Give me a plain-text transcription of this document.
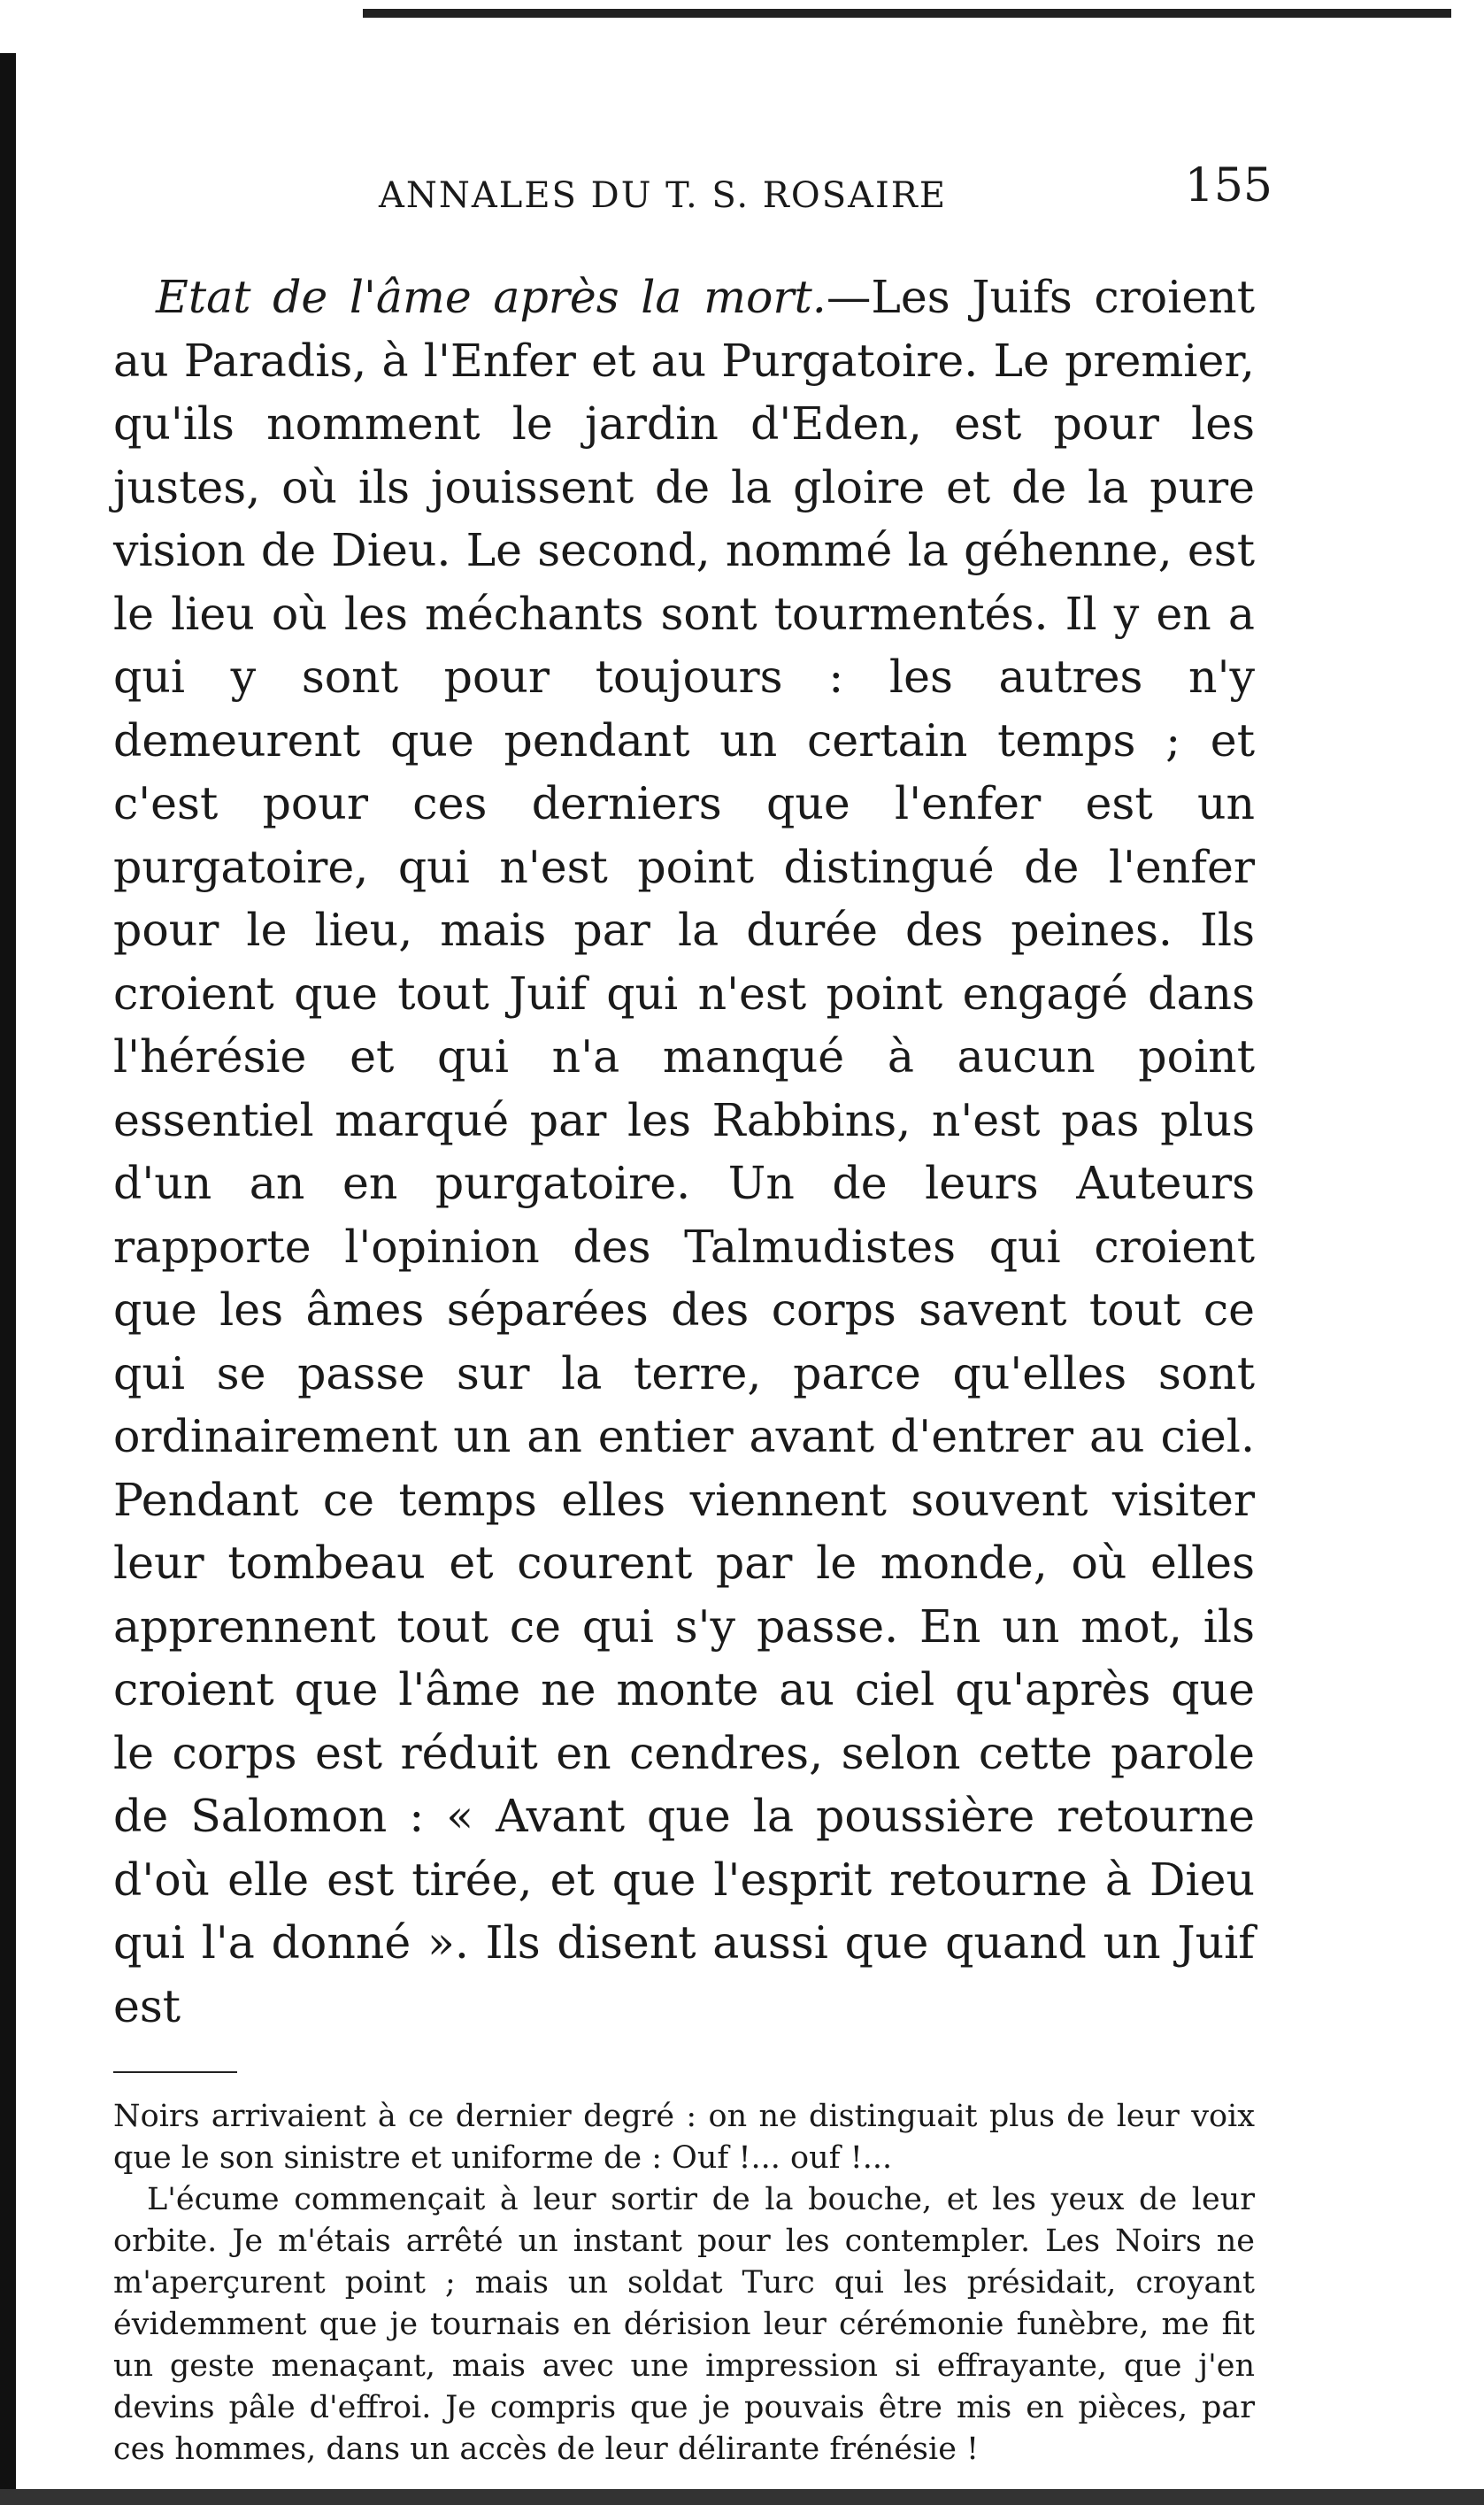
ANNALES DU T. S. ROSAIRE	155

Etat de l'âme après la mort.—Les Juifs croient au Paradis, à l'Enfer et au Purgatoire. Le premier, qu'ils nomment le jardin d'Eden, est pour les justes, où ils jouissent de la gloire et de la pure vision de Dieu. Le second, nommé la géhenne, est le lieu où les méchants sont tourmentés. Il y en a qui y sont pour toujours : les autres n'y demeurent que pendant un certain temps ; et c'est pour ces derniers que l'enfer est un purgatoire, qui n'est point distingué de l'enfer pour le lieu, mais par la durée des peines. Ils croient que tout Juif qui n'est point engagé dans l'hérésie et qui n'a manqué à aucun point essentiel marqué par les Rabbins, n'est pas plus d'un an en purgatoire. Un de leurs Auteurs rapporte l'opinion des Talmudistes qui croient que les âmes séparées des corps savent tout ce qui se passe sur la terre, parce qu'elles sont ordinairement un an entier avant d'entrer au ciel. Pendant ce temps elles viennent souvent visiter leur tombeau et courent par le monde, où elles apprennent tout ce qui s'y passe. En un mot, ils croient que l'âme ne monte au ciel qu'après que le corps est réduit en cendres, selon cette parole de Salomon : « Avant que la poussière retourne d'où elle est tirée, et que l'esprit retourne à Dieu qui l'a donné ». Ils disent aussi que quand un Juif est

Noirs arrivaient à ce dernier degré : on ne distinguait plus de leur voix que le son sinistre et uniforme de : Ouf !... ouf !...

L'écume commençait à leur sortir de la bouche, et les yeux de leur orbite. Je m'étais arrêté un instant pour les contempler. Les Noirs ne m'aperçurent point ; mais un soldat Turc qui les présidait, croyant évidemment que je tournais en dérision leur cérémonie funèbre, me fit un geste menaçant, mais avec une impression si effrayante, que j'en devins pâle d'effroi. Je compris que je pouvais être mis en pièces, par ces hommes, dans un accès de leur délirante frénésie !
